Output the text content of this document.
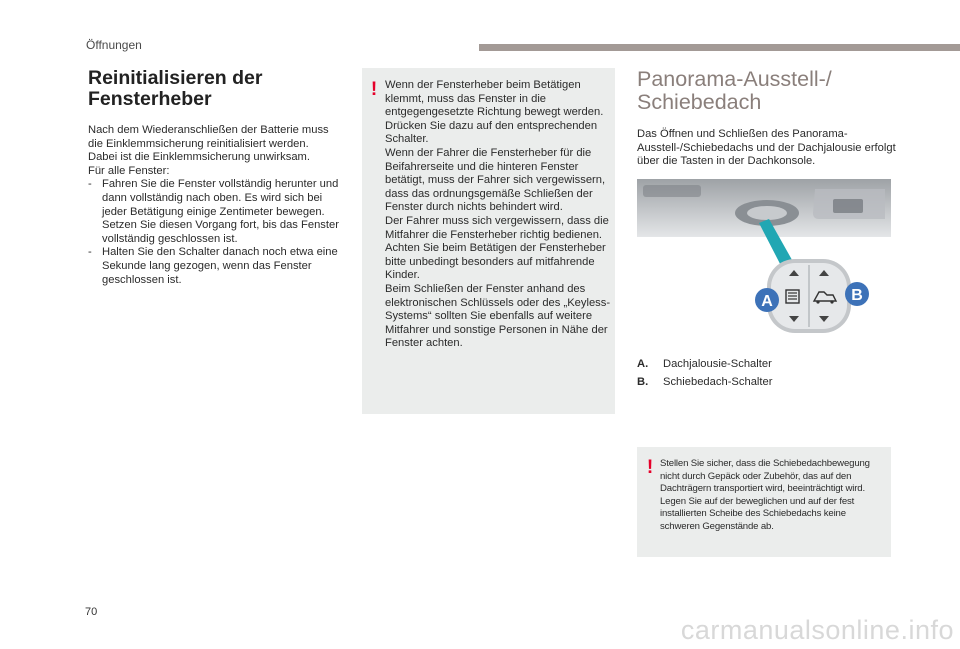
Öffnungen
Reinitialisieren der
Fensterheber

Nach dem Wiederanschließen der Batterie muss die Einklemmsicherung reinitialisiert werden.

Dabei ist die Einklemmsicherung unwirksam.

Für alle Fenster:

- Fahren Sie die Fenster vollständig herunter und dann vollständig nach oben. Es wird sich bei jeder Betätigung einige Zentimeter bewegen. Setzen Sie diesen Vorgang fort, bis das Fenster vollständig geschlossen ist.
- Halten Sie den Schalter danach noch etwa eine Sekunde lang gezogen, wenn das Fenster geschlossen ist.
! Wenn der Fensterheber beim Betätigen klemmt, muss das Fenster in die entgegengesetzte Richtung bewegt werden. Drücken Sie dazu auf den entsprechenden Schalter.

Wenn der Fahrer die Fensterheber für die Beifahrerseite und die hinteren Fenster betätigt, muss der Fahrer sich vergewissern, dass das ordnungsgemäße Schließen der Fenster durch nichts behindert wird.

Der Fahrer muss sich vergewissern, dass die Mitfahrer die Fensterheber richtig bedienen.

Achten Sie beim Betätigen der Fensterheber bitte unbedingt besonders auf mitfahrende Kinder.

Beim Schließen der Fenster anhand des elektronischen Schlüssels oder des „Keyless-Systems“ sollten Sie ebenfalls auf weitere Mitfahrer und sonstige Personen in Nähe der Fenster achten.

Panorama-Ausstell-/
Schiebedach

Das Öffnen und Schließen des Panorama-Ausstell-/Schiebedachs und der Dachjalousie erfolgt über die Tasten in der Dachkonsole.

A	B
A.	Dachjalousie-Schalter
B.	Schiebedach-Schalter
! Stellen Sie sicher, dass die Schiebedachbewegung nicht durch Gepäck oder Zubehör, das auf den Dachträgern transportiert wird, beeinträchtigt wird. Legen Sie auf der beweglichen und auf der fest installierten Scheibe des Schiebedachs keine schweren Gegenstände ab.
70
carmanualsonline.info
